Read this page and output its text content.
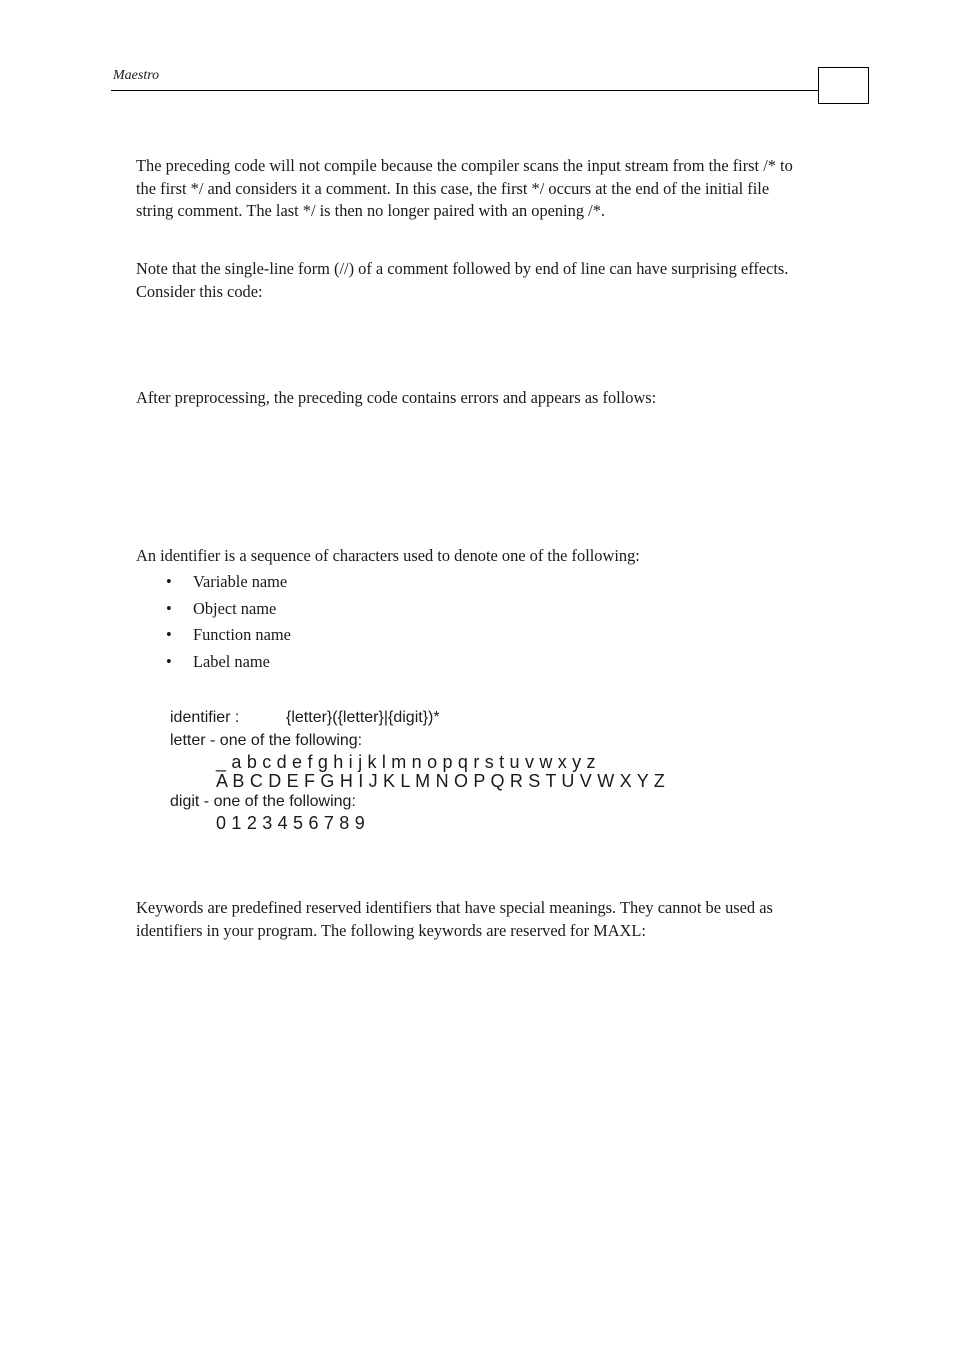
Maestro

The preceding code will not compile because the compiler scans the input stream from the first /* to the first */ and considers it a comment. In this case, the first */ occurs at the end of the initial file string comment. The last */ is then no longer paired with an opening /*.

Note that the single-line form (//) of a comment followed by end of line can have surprising effects. Consider this code:

After preprocessing, the preceding code contains errors and appears as follows:

An identifier is a sequence of characters used to denote one of the following:

• Variable name
• Object name
• Function name
• Label name
identifier :	{letter}({letter}|{digit})*
letter - one of the following:
_ a b c d e f g h i j k l m n o p q r s t u v w x y z
A B C D E F G H I J K L M N O P Q R S T U V W X Y Z
digit - one of the following:
0 1 2 3 4 5 6 7 8 9

Keywords are predefined reserved identifiers that have special meanings. They cannot be used as identifiers in your program. The following keywords are reserved for MAXL:
